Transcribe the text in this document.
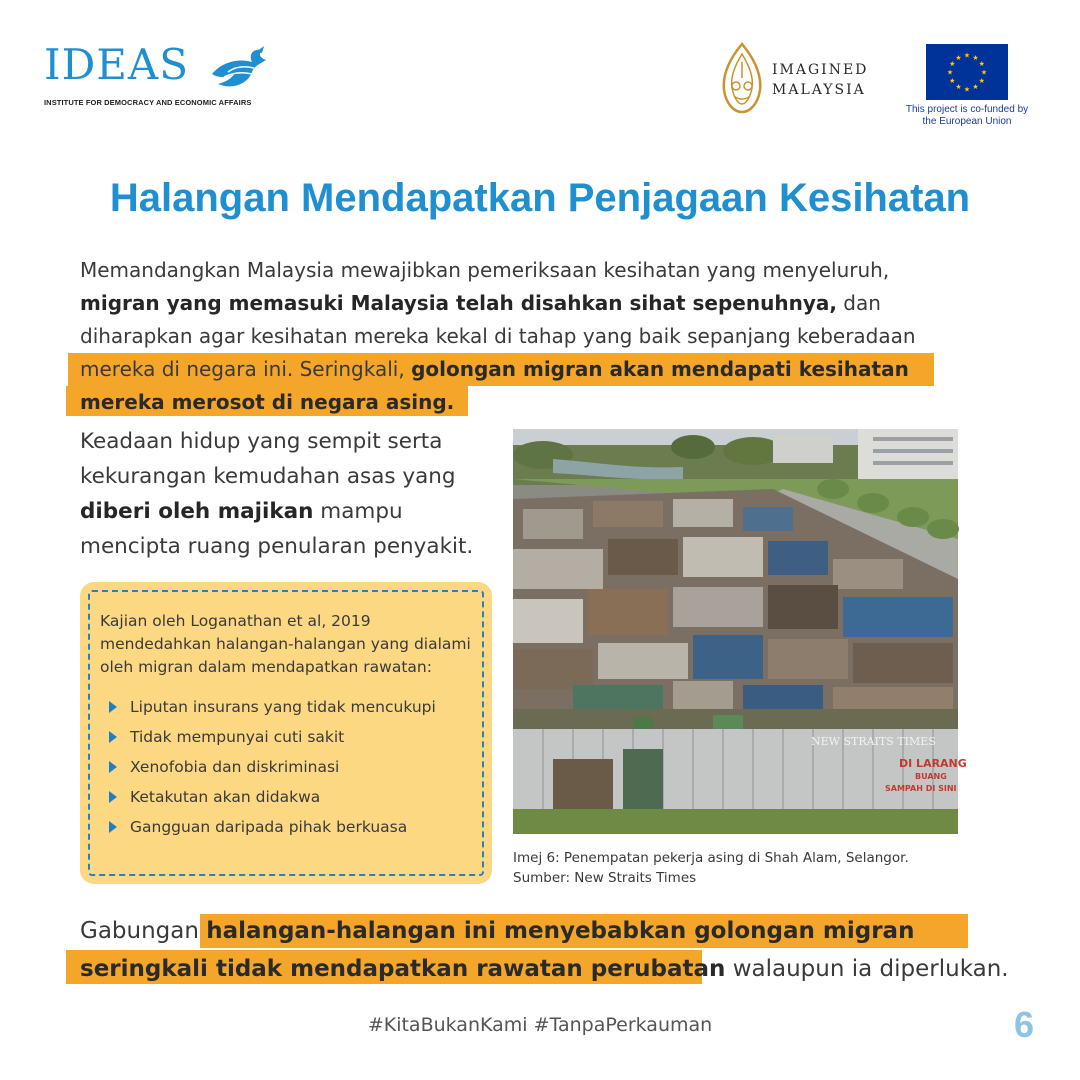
IDEAS
INSTITUTE FOR DEMOCRACY AND ECONOMIC AFFAIRS
IMAGINED
MALAYSIA
★ ★
★
★
★
★
★
★
★
★
★
★
This project is co-funded by
the European Union
Halangan Mendapatkan Penjagaan Kesihatan
Memandangkan Malaysia mewajibkan pemeriksaan kesihatan yang menyeluruh,
migran yang memasuki Malaysia telah disahkan sihat sepenuhnya, dan
diharapkan agar kesihatan mereka kekal di tahap yang baik sepanjang keberadaan
mereka di negara ini. Seringkali, golongan migran akan mendapati kesihatan
mereka merosot di negara asing.
Keadaan hidup yang sempit serta
kekurangan kemudahan asas yang
diberi oleh majikan mampu
mencipta ruang penularan penyakit.
Kajian oleh Loganathan et al, 2019
mendedahkan halangan-halangan yang dialami
oleh migran dalam mendapatkan rawatan:
Liputan insurans yang tidak mencukupi
Tidak mempunyai cuti sakit
Xenofobia dan diskriminasi
Ketakutan akan didakwa
Gangguan daripada pihak berkuasa
NEW STRAITS TIMES
DI LARANG
BUANG
SAMPAH DI SINI
Imej 6: Penempatan pekerja asing di Shah Alam, Selangor.
Sumber: New Straits Times
Gabungan halangan-halangan ini menyebabkan golongan migran
seringkali tidak mendapatkan rawatan perubatan walaupun ia diperlukan.
#KitaBukanKami #TanpaPerkauman	6
